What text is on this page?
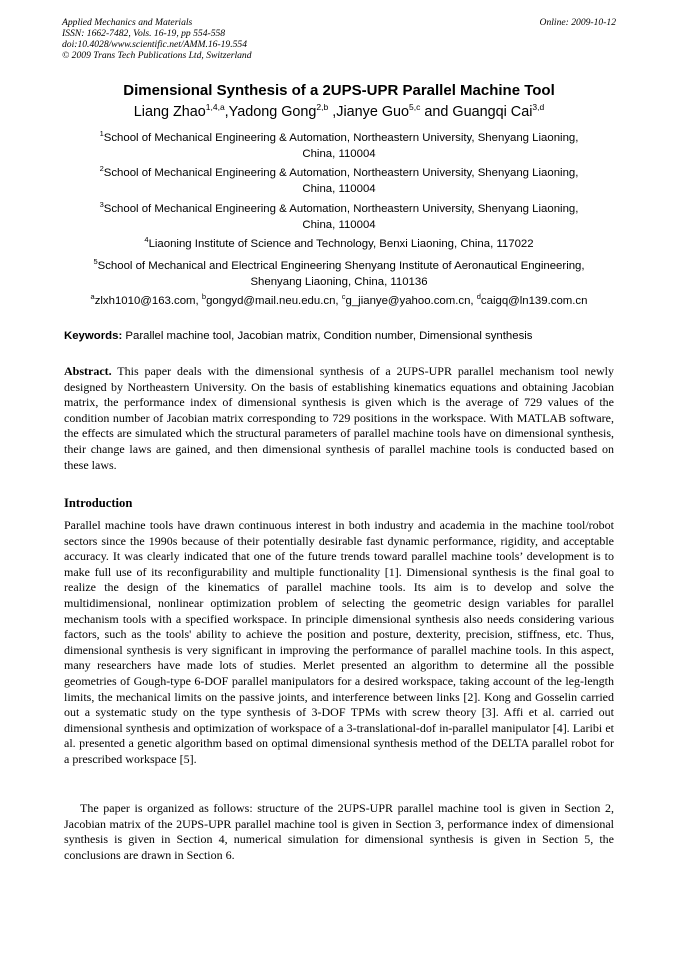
Applied Mechanics and Materials
ISSN: 1662-7482, Vols. 16-19, pp 554-558
doi:10.4028/www.scientific.net/AMM.16-19.554
© 2009 Trans Tech Publications Ltd, Switzerland
Online: 2009-10-12
Dimensional Synthesis of a 2UPS-UPR Parallel Machine Tool
Liang Zhao$^{1,4,a}$,Yadong Gong$^{2,b}$ ,Jianye Guo$^{5,c}$ and Guangqi Cai$^{3,d}$
$^1$School of Mechanical Engineering & Automation, Northeastern University, Shenyang Liaoning,
China, 110004
$^2$School of Mechanical Engineering & Automation, Northeastern University, Shenyang Liaoning,
China, 110004
$^3$School of Mechanical Engineering & Automation, Northeastern University, Shenyang Liaoning,
China, 110004
$^4$Liaoning Institute of Science and Technology, Benxi Liaoning, China, 117022
$^5$School of Mechanical and Electrical Engineering Shenyang Institute of Aeronautical Engineering,
Shenyang Liaoning, China, 110136
$^a$zlxh1010@163.com, $^b$gongyd@mail.neu.edu.cn, $^c$g_jianye@yahoo.com.cn, $^d$caigq@ln139.com.cn
Keywords: Parallel machine tool, Jacobian matrix, Condition number, Dimensional synthesis
Abstract. This paper deals with the dimensional synthesis of a 2UPS-UPR parallel mechanism tool newly designed by Northeastern University. On the basis of establishing kinematics equations and obtaining Jacobian matrix, the performance index of dimensional synthesis is given which is the average of 729 values of the condition number of Jacobian matrix corresponding to 729 positions in the workspace. With MATLAB software, the effects are simulated which the structural parameters of parallel machine tools have on dimensional synthesis, their change laws are gained, and then dimensional synthesis of parallel machine tools is conducted based on these laws.
Introduction
Parallel machine tools have drawn continuous interest in both industry and academia in the machine tool/robot sectors since the 1990s because of their potentially desirable fast dynamic performance, rigidity, and acceptable accuracy. It was clearly indicated that one of the future trends toward parallel machine tools’ development is to make full use of its reconfigurability and multiple functionality [1]. Dimensional synthesis is the final goal to realize the design of the kinematics of parallel machine tools. Its aim is to develop and solve the multidimensional, nonlinear optimization problem of selecting the geometric design variables for parallel mechanism tools with a specified workspace. In principle dimensional synthesis also needs considering various factors, such as the tools' ability to achieve the position and posture, dexterity, precision, stiffness, etc. Thus, dimensional synthesis is very significant in improving the performance of parallel machine tools. In this aspect, many researchers have made lots of studies. Merlet presented an algorithm to determine all the possible geometries of Gough-type 6-DOF parallel manipulators for a desired workspace, taking account of the leg-length limits, the mechanical limits on the passive joints, and interference between links [2]. Kong and Gosselin carried out a systematic study on the type synthesis of 3-DOF TPMs with screw theory [3]. Affi et al. carried out dimensional synthesis and optimization of workspace of a 3-translational-dof in-parallel manipulator [4]. Laribi et al. presented a genetic algorithm based on optimal dimensional synthesis method of the DELTA parallel robot for a prescribed workspace [5].
The paper is organized as follows: structure of the 2UPS-UPR parallel machine tool is given in Section 2, Jacobian matrix of the 2UPS-UPR parallel machine tool is given in Section 3, performance index of dimensional synthesis is given in Section 4, numerical simulation for dimensional synthesis is given in Section 5, the conclusions are drawn in Section 6.
